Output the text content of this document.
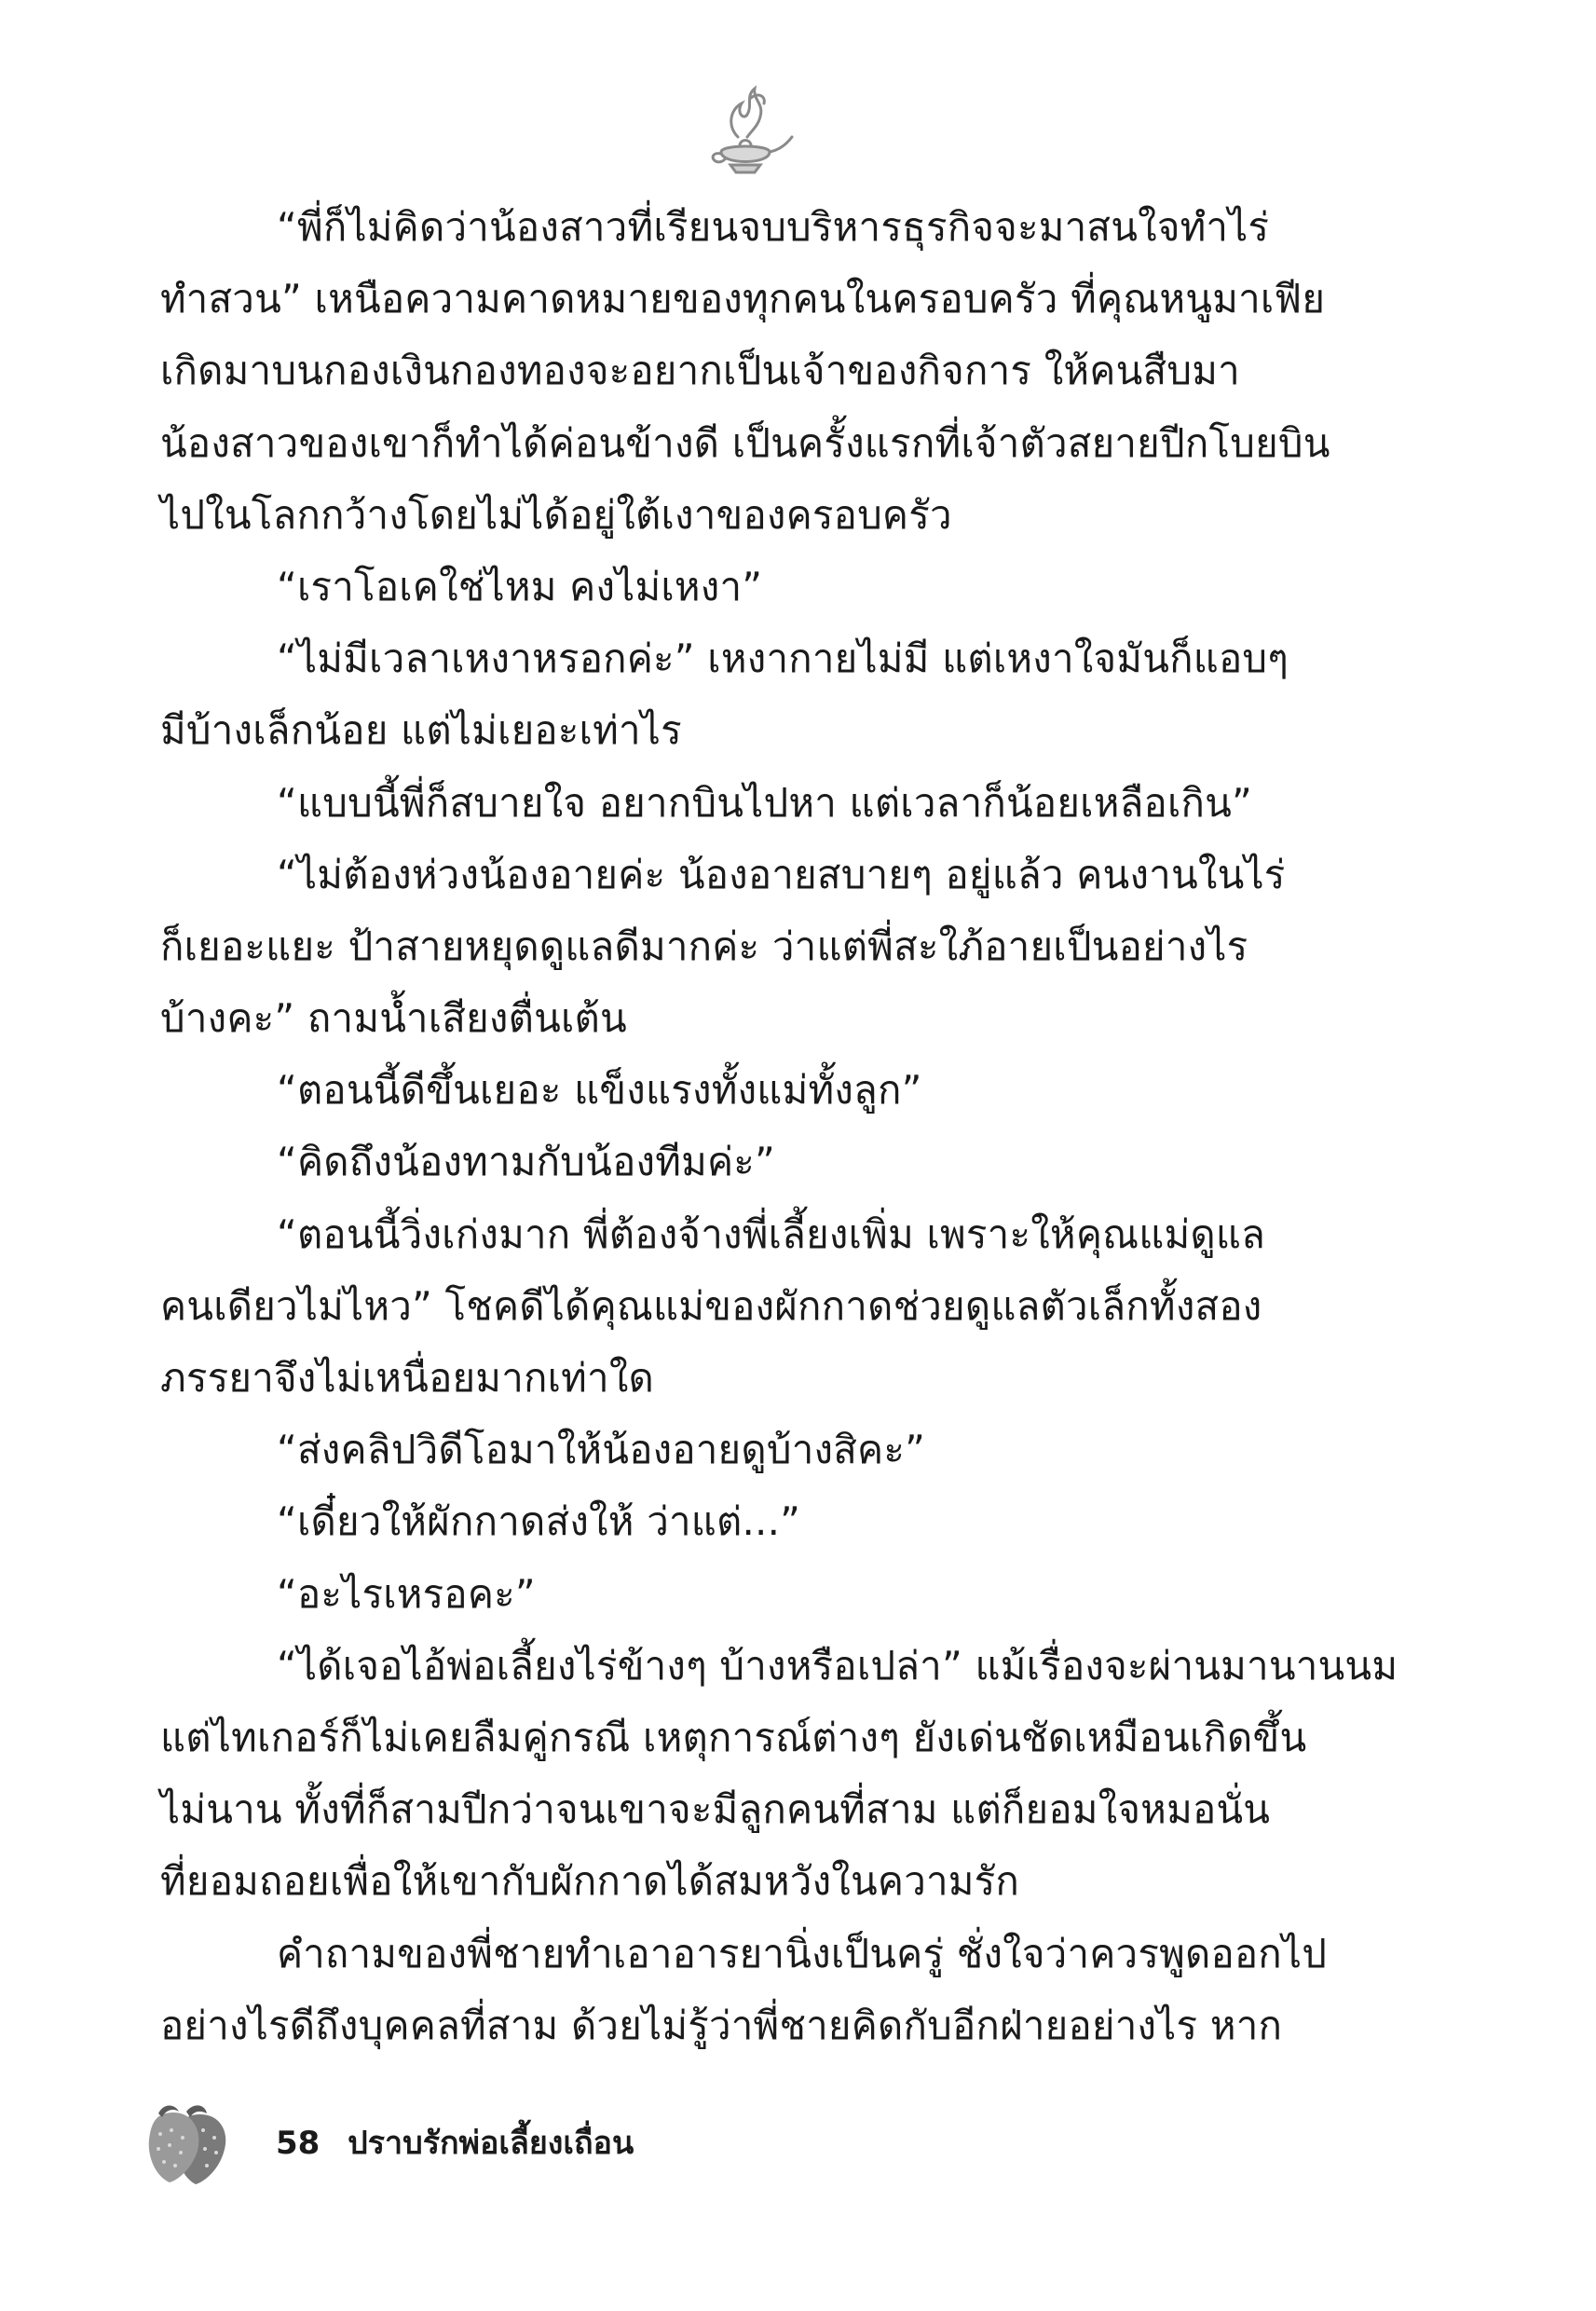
“พี่ก็ไม่คิดว่าน้องสาวที่เรียนจบบริหารธุรกิจจะมาสนใจทำไร่
ทำสวน” เหนือความคาดหมายของทุกคนในครอบครัว ที่คุณหนูมาเฟีย
เกิดมาบนกองเงินกองทองจะอยากเป็นเจ้าของกิจการ ให้คนสืบมา
น้องสาวของเขาก็ทำได้ค่อนข้างดี เป็นครั้งแรกที่เจ้าตัวสยายปีกโบยบิน
ไปในโลกกว้างโดยไม่ได้อยู่ใต้เงาของครอบครัว
“เราโอเคใช่ไหม คงไม่เหงา”
“ไม่มีเวลาเหงาหรอกค่ะ” เหงากายไม่มี แต่เหงาใจมันก็แอบๆ
มีบ้างเล็กน้อย แต่ไม่เยอะเท่าไร
“แบบนี้พี่ก็สบายใจ อยากบินไปหา แต่เวลาก็น้อยเหลือเกิน”
“ไม่ต้องห่วงน้องอายค่ะ น้องอายสบายๆ อยู่แล้ว คนงานในไร่
ก็เยอะแยะ ป้าสายหยุดดูแลดีมากค่ะ ว่าแต่พี่สะใภ้อายเป็นอย่างไร
บ้างคะ” ถามน้ำเสียงตื่นเต้น
“ตอนนี้ดีขึ้นเยอะ แข็งแรงทั้งแม่ทั้งลูก”
“คิดถึงน้องทามกับน้องทีมค่ะ”
“ตอนนี้วิ่งเก่งมาก พี่ต้องจ้างพี่เลี้ยงเพิ่ม เพราะให้คุณแม่ดูแล
คนเดียวไม่ไหว” โชคดีได้คุณแม่ของผักกาดช่วยดูแลตัวเล็กทั้งสอง
ภรรยาจึงไม่เหนื่อยมากเท่าใด
“ส่งคลิปวิดีโอมาให้น้องอายดูบ้างสิคะ”
“เดี๋ยวให้ผักกาดส่งให้ ว่าแต่...”
“อะไรเหรอคะ”
“ได้เจอไอ้พ่อเลี้ยงไร่ข้างๆ บ้างหรือเปล่า” แม้เรื่องจะผ่านมานานนม
แต่ไทเกอร์ก็ไม่เคยลืมคู่กรณี เหตุการณ์ต่างๆ ยังเด่นชัดเหมือนเกิดขึ้น
ไม่นาน ทั้งที่ก็สามปีกว่าจนเขาจะมีลูกคนที่สาม แต่ก็ยอมใจหมอนั่น
ที่ยอมถอยเพื่อให้เขากับผักกาดได้สมหวังในความรัก
คำถามของพี่ชายทำเอาอารยานิ่งเป็นครู่ ชั่งใจว่าควรพูดออกไป
อย่างไรดีถึงบุคคลที่สาม ด้วยไม่รู้ว่าพี่ชายคิดกับอีกฝ่ายอย่างไร หาก
58 ปราบรักพ่อเลี้ยงเถื่อน
